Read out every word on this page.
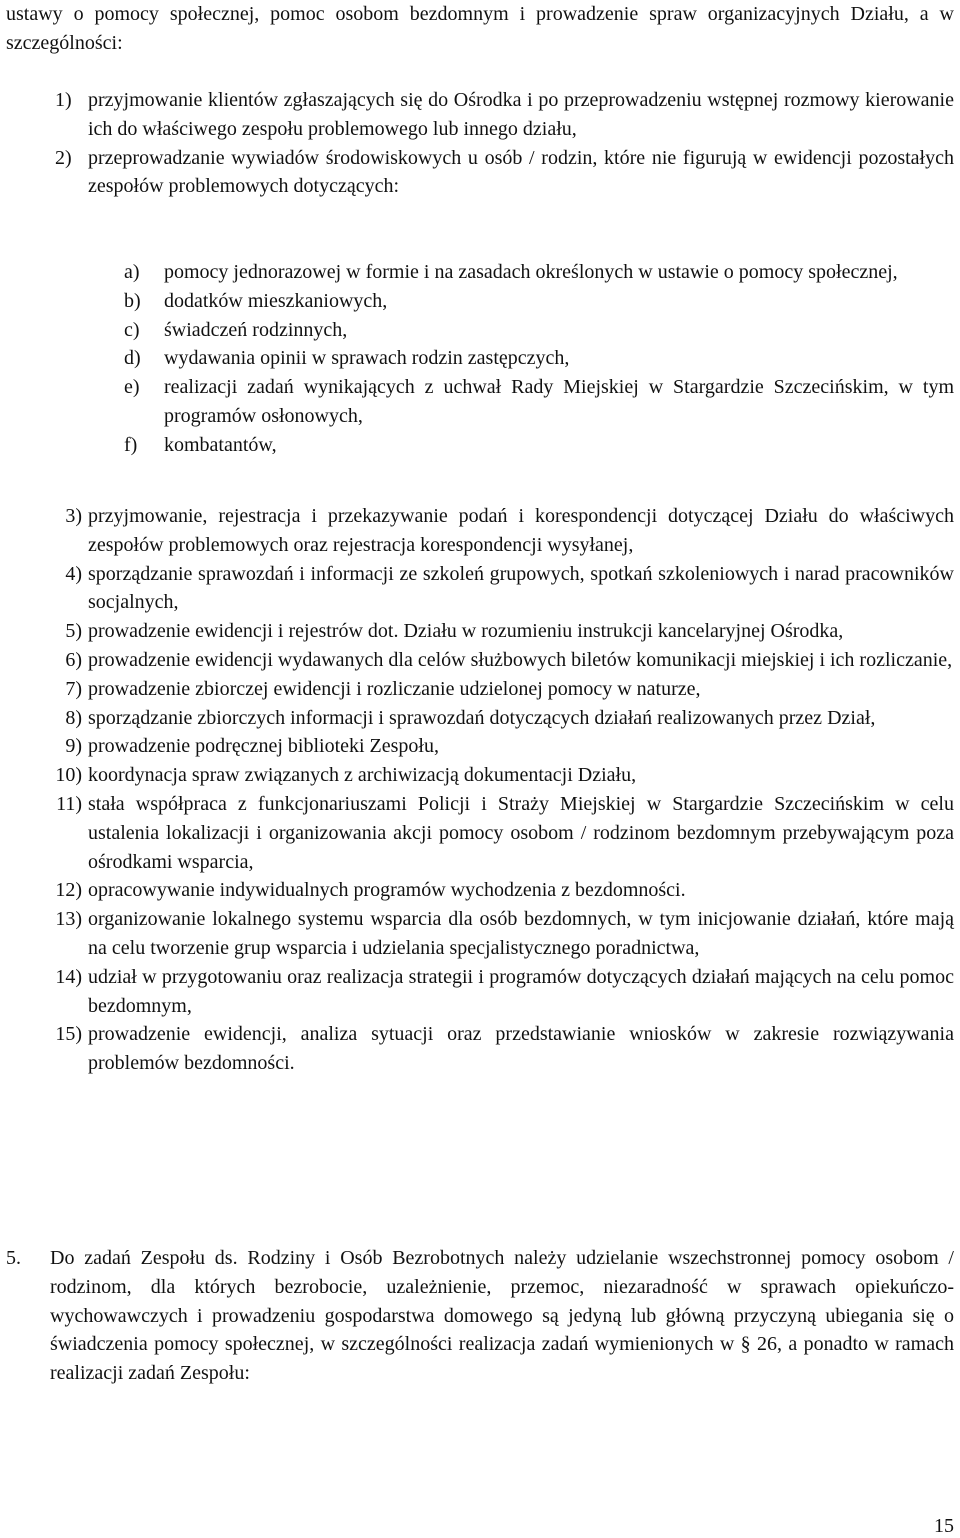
ustawy o pomocy społecznej, pomoc osobom bezdomnym i prowadzenie spraw organizacyjnych Działu, a w szczególności:
1) przyjmowanie klientów zgłaszających się do Ośrodka i po przeprowadzeniu wstępnej rozmowy kierowanie ich do właściwego zespołu problemowego lub innego działu,
2) przeprowadzanie wywiadów środowiskowych u osób / rodzin, które nie figurują w ewidencji pozostałych zespołów problemowych dotyczących:
a) pomocy jednorazowej w formie i na zasadach określonych w ustawie o pomocy społecznej,
b) dodatków mieszkaniowych,
c) świadczeń rodzinnych,
d) wydawania opinii w sprawach rodzin zastępczych,
e) realizacji zadań wynikających z uchwał Rady Miejskiej w Stargardzie Szczecińskim, w tym programów osłonowych,
f) kombatantów,
3) przyjmowanie, rejestracja i przekazywanie podań i korespondencji dotyczącej Działu do właściwych zespołów problemowych oraz rejestracja korespondencji wysyłanej,
4) sporządzanie sprawozdań i informacji ze szkoleń grupowych, spotkań szkoleniowych i narad pracowników socjalnych,
5) prowadzenie ewidencji i rejestrów dot. Działu w rozumieniu instrukcji kancelaryjnej Ośrodka,
6) prowadzenie ewidencji wydawanych dla celów służbowych biletów komunikacji miejskiej i ich rozliczanie,
7) prowadzenie zbiorczej ewidencji i rozliczanie udzielonej pomocy w naturze,
8) sporządzanie zbiorczych informacji i sprawozdań dotyczących działań realizowanych przez Dział,
9) prowadzenie podręcznej biblioteki Zespołu,
10) koordynacja spraw związanych z archiwizacją dokumentacji Działu,
11) stała współpraca z funkcjonariuszami Policji i Straży Miejskiej w Stargardzie Szczecińskim w celu ustalenia lokalizacji i organizowania akcji pomocy osobom / rodzinom bezdomnym przebywającym poza ośrodkami wsparcia,
12) opracowywanie indywidualnych programów wychodzenia z bezdomności.
13) organizowanie lokalnego systemu wsparcia dla osób bezdomnych, w tym inicjowanie działań, które mają na celu tworzenie grup wsparcia i udzielania specjalistycznego poradnictwa,
14) udział w przygotowaniu oraz realizacja strategii i programów dotyczących działań mających na celu pomoc bezdomnym,
15) prowadzenie ewidencji, analiza sytuacji oraz przedstawianie wniosków w zakresie rozwiązywania problemów bezdomności.
5. Do zadań Zespołu ds. Rodziny i Osób Bezrobotnych należy udzielanie wszechstronnej pomocy osobom / rodzinom, dla których bezrobocie, uzależnienie, przemoc, niezaradność w sprawach opiekuńczo-wychowawczych i prowadzeniu gospodarstwa domowego są jedyną lub główną przyczyną ubiegania się o świadczenia pomocy społecznej, w szczególności realizacja zadań wymienionych w § 26, a ponadto w ramach realizacji zadań Zespołu:
15
